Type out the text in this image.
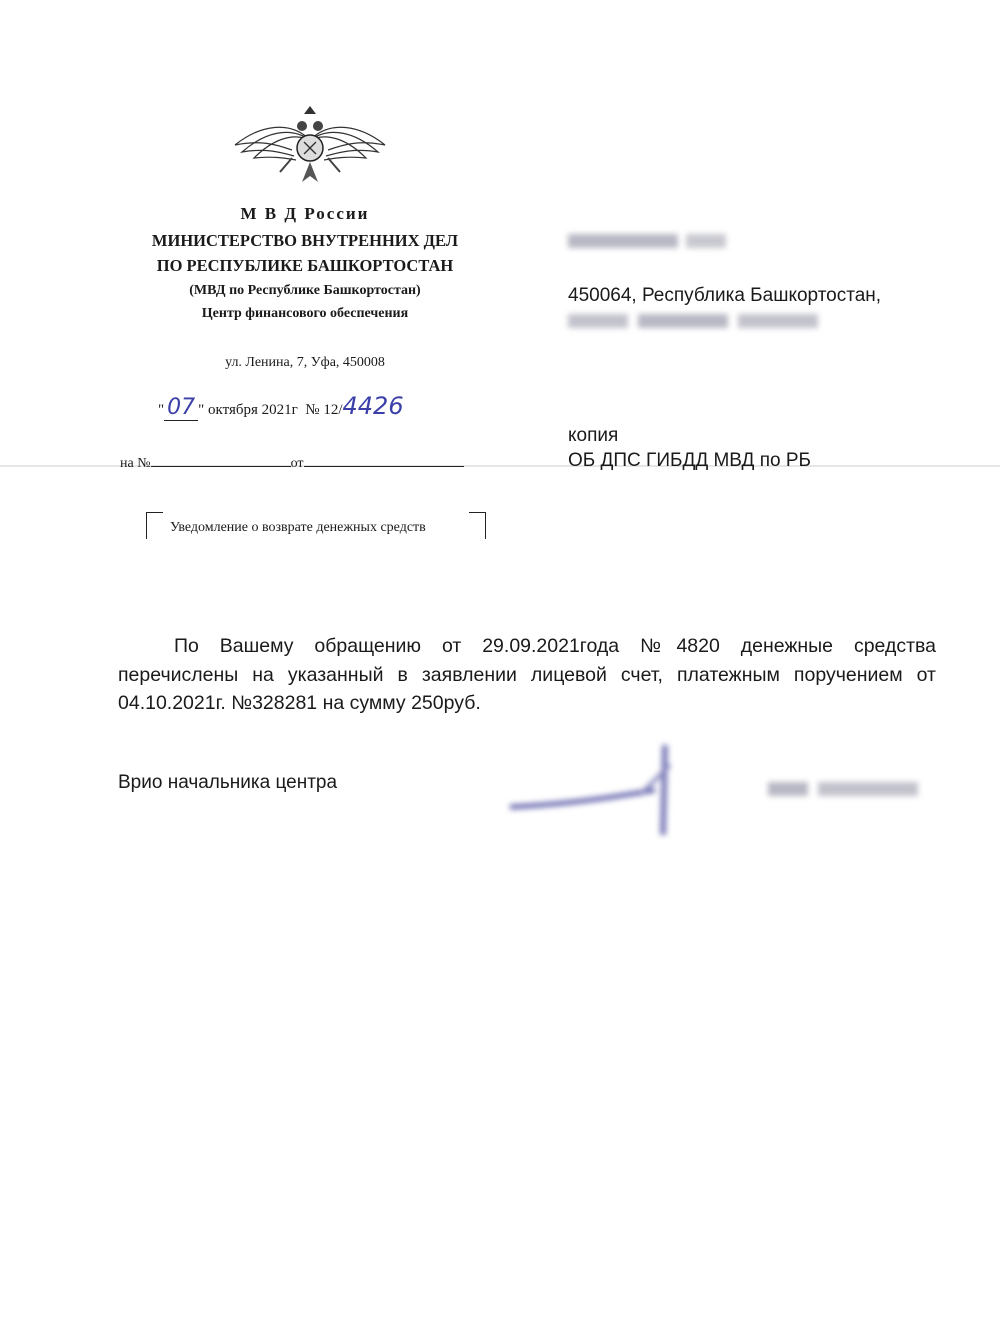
М В Д России
МИНИСТЕРСТВО ВНУТРЕННИХ ДЕЛ
ПО РЕСПУБЛИКЕ БАШКОРТОСТАН
(МВД по Республике Башкортостан)
Центр финансового обеспечения
ул. Ленина, 7, Уфа, 450008
" 07 " октября 2021г № 12/4426
на №	от
Уведомление о возврате денежных средств
450064, Республика Башкортостан,
копия
ОБ ДПС ГИБДД МВД по РБ
По Вашему обращению от 29.09.2021года №4820 денежные средства перечислены на указанный в заявлении лицевой счет, платежным поручением от 04.10.2021г. №328281 на сумму 250руб.
Врио начальника центра
